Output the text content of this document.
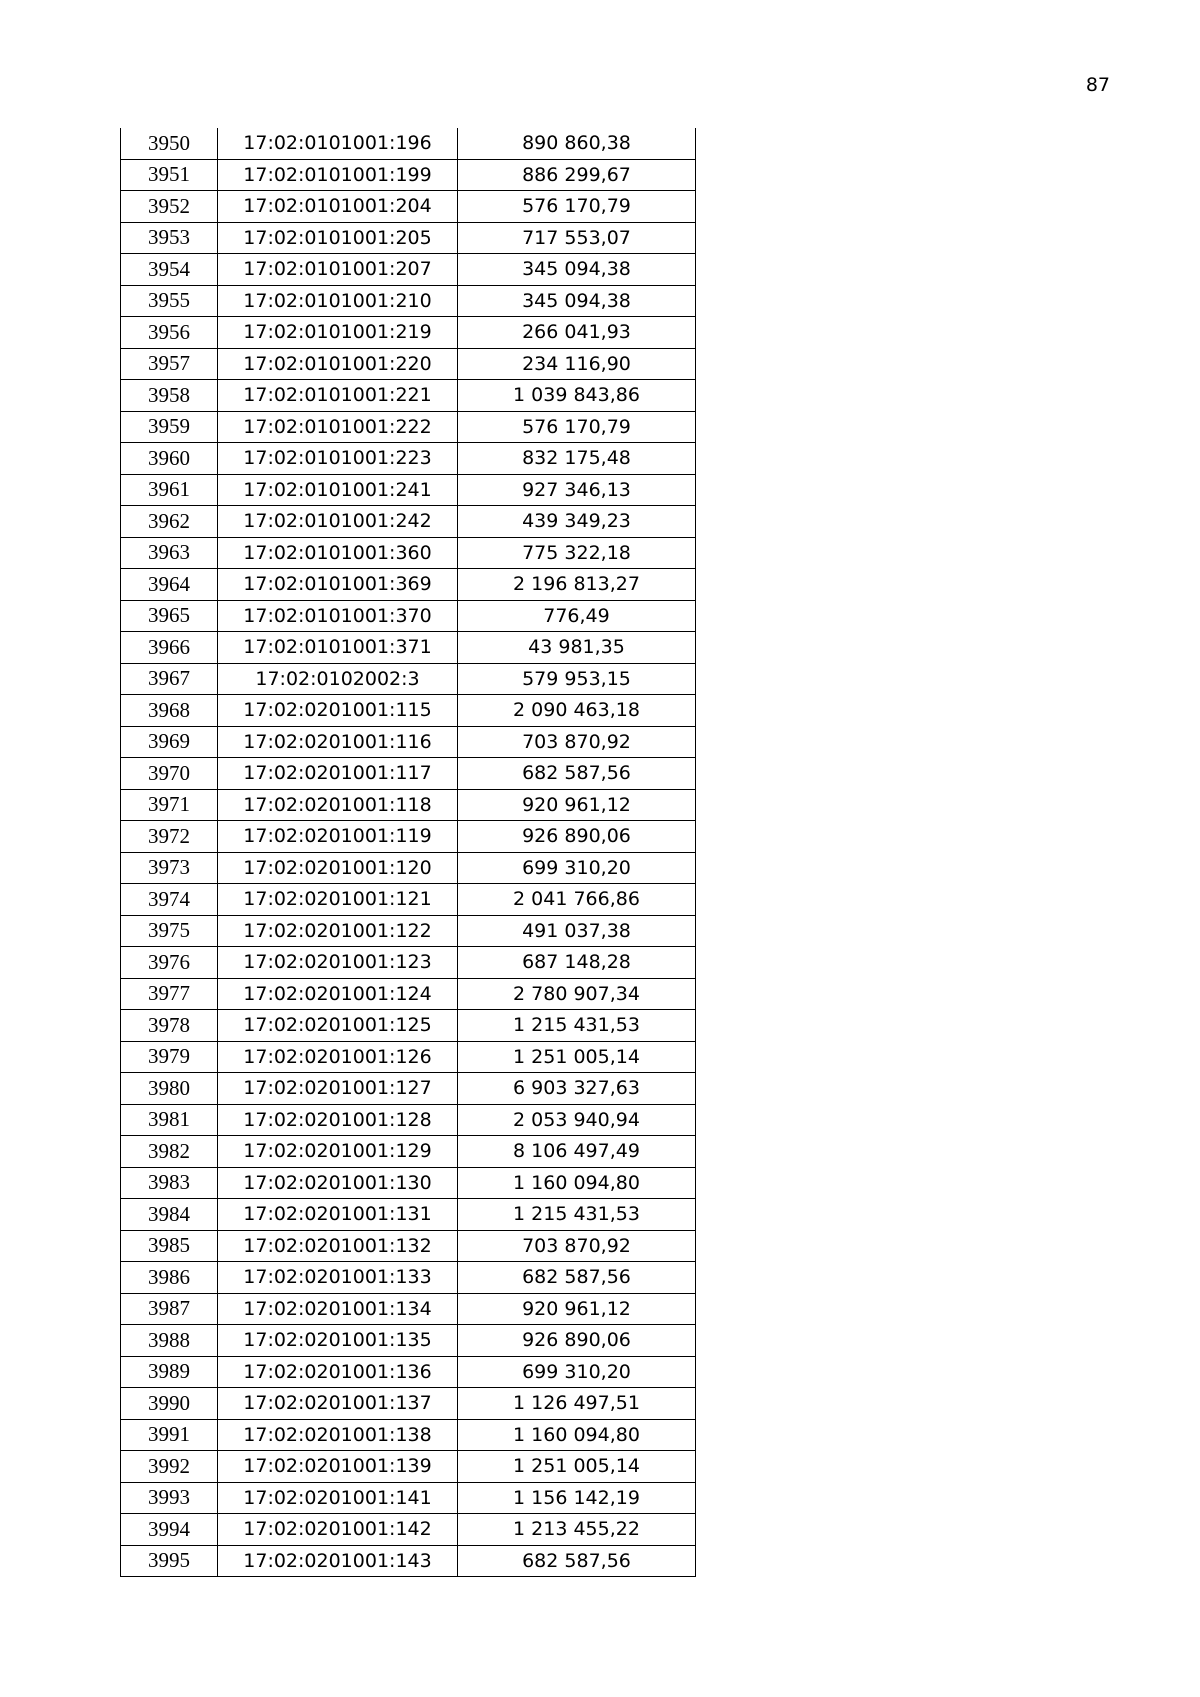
87
3950	17:02:0101001:196	890 860,38
3951	17:02:0101001:199	886 299,67
3952	17:02:0101001:204	576 170,79
3953	17:02:0101001:205	717 553,07
3954	17:02:0101001:207	345 094,38
3955	17:02:0101001:210	345 094,38
3956	17:02:0101001:219	266 041,93
3957	17:02:0101001:220	234 116,90
3958	17:02:0101001:221	1 039 843,86
3959	17:02:0101001:222	576 170,79
3960	17:02:0101001:223	832 175,48
3961	17:02:0101001:241	927 346,13
3962	17:02:0101001:242	439 349,23
3963	17:02:0101001:360	775 322,18
3964	17:02:0101001:369	2 196 813,27
3965	17:02:0101001:370	776,49
3966	17:02:0101001:371	43 981,35
3967	17:02:0102002:3	579 953,15
3968	17:02:0201001:115	2 090 463,18
3969	17:02:0201001:116	703 870,92
3970	17:02:0201001:117	682 587,56
3971	17:02:0201001:118	920 961,12
3972	17:02:0201001:119	926 890,06
3973	17:02:0201001:120	699 310,20
3974	17:02:0201001:121	2 041 766,86
3975	17:02:0201001:122	491 037,38
3976	17:02:0201001:123	687 148,28
3977	17:02:0201001:124	2 780 907,34
3978	17:02:0201001:125	1 215 431,53
3979	17:02:0201001:126	1 251 005,14
3980	17:02:0201001:127	6 903 327,63
3981	17:02:0201001:128	2 053 940,94
3982	17:02:0201001:129	8 106 497,49
3983	17:02:0201001:130	1 160 094,80
3984	17:02:0201001:131	1 215 431,53
3985	17:02:0201001:132	703 870,92
3986	17:02:0201001:133	682 587,56
3987	17:02:0201001:134	920 961,12
3988	17:02:0201001:135	926 890,06
3989	17:02:0201001:136	699 310,20
3990	17:02:0201001:137	1 126 497,51
3991	17:02:0201001:138	1 160 094,80
3992	17:02:0201001:139	1 251 005,14
3993	17:02:0201001:141	1 156 142,19
3994	17:02:0201001:142	1 213 455,22
3995	17:02:0201001:143	682 587,56
